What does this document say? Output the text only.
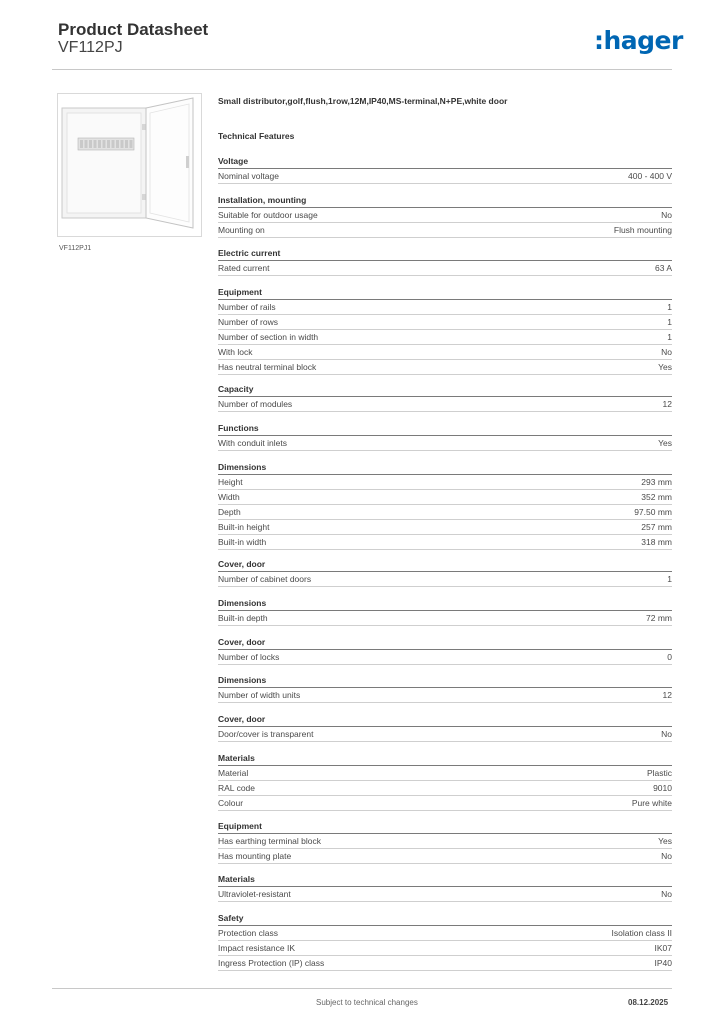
Product Datasheet
VF112PJ	:hager
VF112PJ1
Small distributor,golf,flush,1row,12M,IP40,MS-terminal,N+PE,white door
Technical Features
Voltage
Nominal voltage	400 - 400 V
Installation, mounting
Suitable for outdoor usage	No
Mounting on	Flush mounting
Electric current
Rated current	63 A
Equipment
Number of rails	1
Number of rows	1
Number of section in width	1
With lock	No
Has neutral terminal block	Yes
Capacity
Number of modules	12
Functions
With conduit inlets	Yes
Dimensions
Height	293 mm
Width	352 mm
Depth	97.50 mm
Built-in height	257 mm
Built-in width	318 mm
Cover, door
Number of cabinet doors	1
Dimensions
Built-in depth	72 mm
Cover, door
Number of locks	0
Dimensions
Number of width units	12
Cover, door
Door/cover is transparent	No
Materials
Material	Plastic
RAL code	9010
Colour	Pure white
Equipment
Has earthing terminal block	Yes
Has mounting plate	No
Materials
Ultraviolet-resistant	No
Safety
Protection class	Isolation class II
Impact resistance IK	IK07
Ingress Protection (IP) class	IP40
Subject to technical changes	08.12.2025
